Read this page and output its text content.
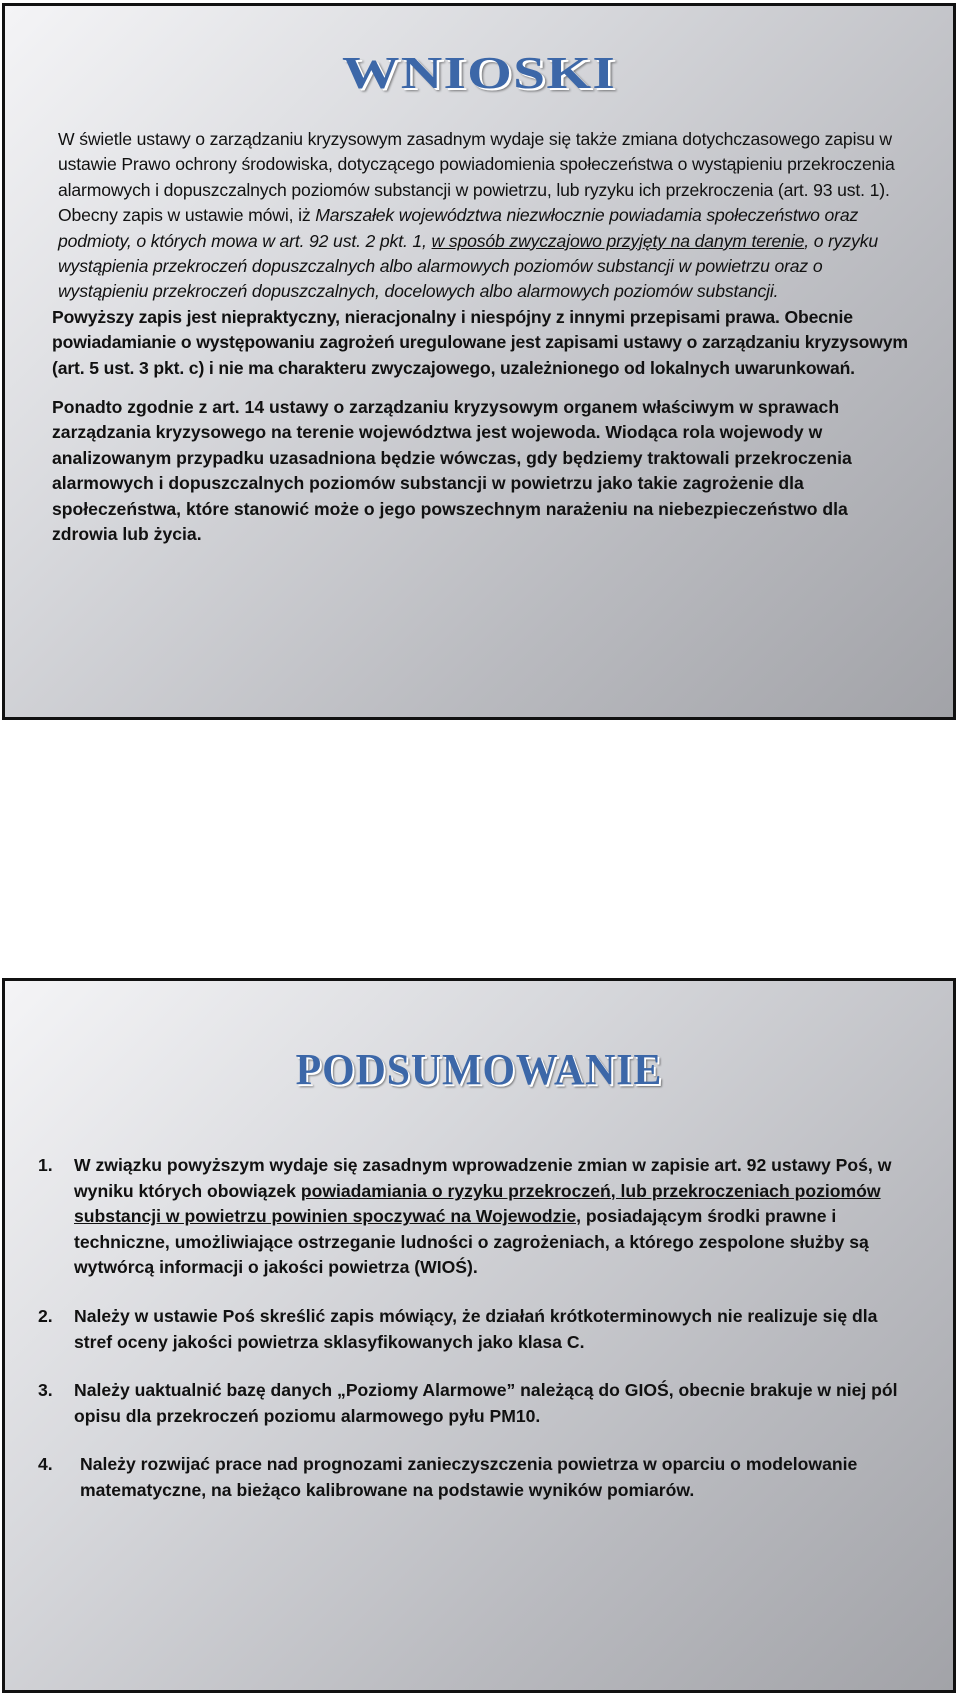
WNIOSKI

W świetle ustawy o zarządzaniu kryzysowym zasadnym wydaje się także zmiana dotychczasowego zapisu w ustawie Prawo ochrony środowiska, dotyczącego powiadomienia społeczeństwa o wystąpieniu przekroczenia alarmowych i dopuszczalnych poziomów substancji w powietrzu, lub ryzyku ich przekroczenia (art. 93 ust. 1).

Obecny zapis w ustawie mówi, iż Marszałek województwa niezwłocznie powiadamia społeczeństwo oraz podmioty, o których mowa w art. 92 ust. 2 pkt. 1, w sposób zwyczajowo przyjęty na danym terenie, o ryzyku wystąpienia przekroczeń dopuszczalnych albo alarmowych poziomów substancji w powietrzu oraz o wystąpieniu przekroczeń dopuszczalnych, docelowych albo alarmowych poziomów substancji.

Powyższy zapis jest niepraktyczny, nieracjonalny i niespójny z innymi przepisami prawa. Obecnie powiadamianie o występowaniu zagrożeń uregulowane jest zapisami ustawy o zarządzaniu kryzysowym (art. 5 ust. 3 pkt. c) i nie ma charakteru zwyczajowego, uzależnionego od lokalnych uwarunkowań.

Ponadto zgodnie z art. 14 ustawy o zarządzaniu kryzysowym organem właściwym w sprawach zarządzania kryzysowego na terenie województwa jest wojewoda. Wiodąca rola wojewody w analizowanym przypadku uzasadniona będzie wówczas, gdy będziemy traktowali przekroczenia alarmowych i dopuszczalnych poziomów substancji w powietrzu jako takie zagrożenie dla społeczeństwa, które stanowić może o jego powszechnym narażeniu na niebezpieczeństwo dla zdrowia lub życia.

PODSUMOWANIE
1.	W związku powyższym wydaje się zasadnym wprowadzenie zmian w zapisie art. 92 ustawy Poś, w wyniku których obowiązek powiadamiania o ryzyku przekroczeń, lub przekroczeniach poziomów substancji w powietrzu powinien spoczywać na Wojewodzie, posiadającym środki prawne i techniczne, umożliwiające ostrzeganie ludności o zagrożeniach, a którego zespolone służby są wytwórcą informacji o jakości powietrza (WIOŚ).
2.	Należy w ustawie Poś skreślić zapis mówiący, że działań krótkoterminowych nie realizuje się dla stref oceny jakości powietrza sklasyfikowanych jako klasa C.
3.	Należy uaktualnić bazę danych „Poziomy Alarmowe” należącą do GIOŚ, obecnie brakuje w niej pól opisu dla przekroczeń poziomu alarmowego pyłu PM10.
4.	Należy rozwijać prace nad prognozami zanieczyszczenia powietrza w oparciu o modelowanie matematyczne, na bieżąco kalibrowane na podstawie wyników pomiarów.
